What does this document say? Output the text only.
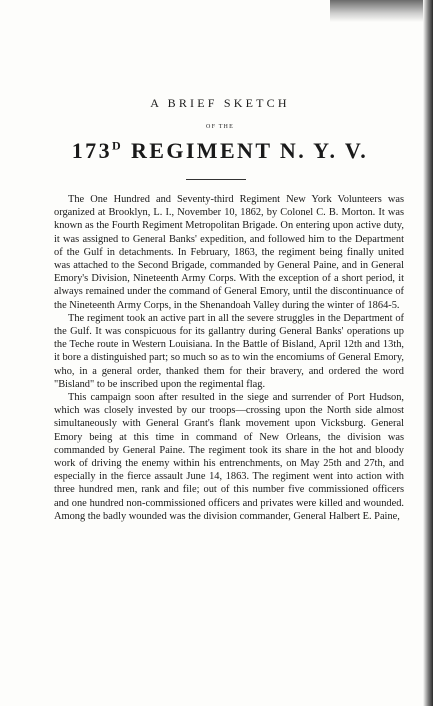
A BRIEF SKETCH
OF THE
$173^D$ REGIMENT N. Y. V.

The One Hundred and Seventy-third Regiment New York Volunteers was organized at Brooklyn, L. I., November 10, 1862, by Colonel C. B. Morton. It was known as the Fourth Regiment Metropolitan Brigade. On entering upon active duty, it was assigned to General Banks' expedition, and followed him to the Department of the Gulf in detachments. In February, 1863, the regiment being finally united was attached to the Second Brigade, commanded by General Paine, and in General Emory's Division, Nineteenth Army Corps. With the exception of a short period, it always remained under the command of General Emory, until the discontinuance of the Nineteenth Army Corps, in the Shenandoah Valley during the winter of 1864-5.

The regiment took an active part in all the severe struggles in the Department of the Gulf. It was conspicuous for its gallantry during General Banks' operations up the Teche route in Western Louisiana. In the Battle of Bisland, April 12th and 13th, it bore a distinguished part; so much so as to win the encomiums of General Emory, who, in a general order, thanked them for their bravery, and ordered the word "Bisland" to be inscribed upon the regimental flag.

This campaign soon after resulted in the siege and surrender of Port Hudson, which was closely invested by our troops—crossing upon the North side almost simultaneously with General Grant's flank movement upon Vicksburg. General Emory being at this time in command of New Orleans, the division was commanded by General Paine. The regiment took its share in the hot and bloody work of driving the enemy within his entrenchments, on May 25th and 27th, and especially in the fierce assault June 14, 1863. The regiment went into action with three hundred men, rank and file; out of this number five commissioned officers and one hundred non-commissioned officers and privates were killed and wounded. Among the badly wounded was the division commander, General Halbert E. Paine,
